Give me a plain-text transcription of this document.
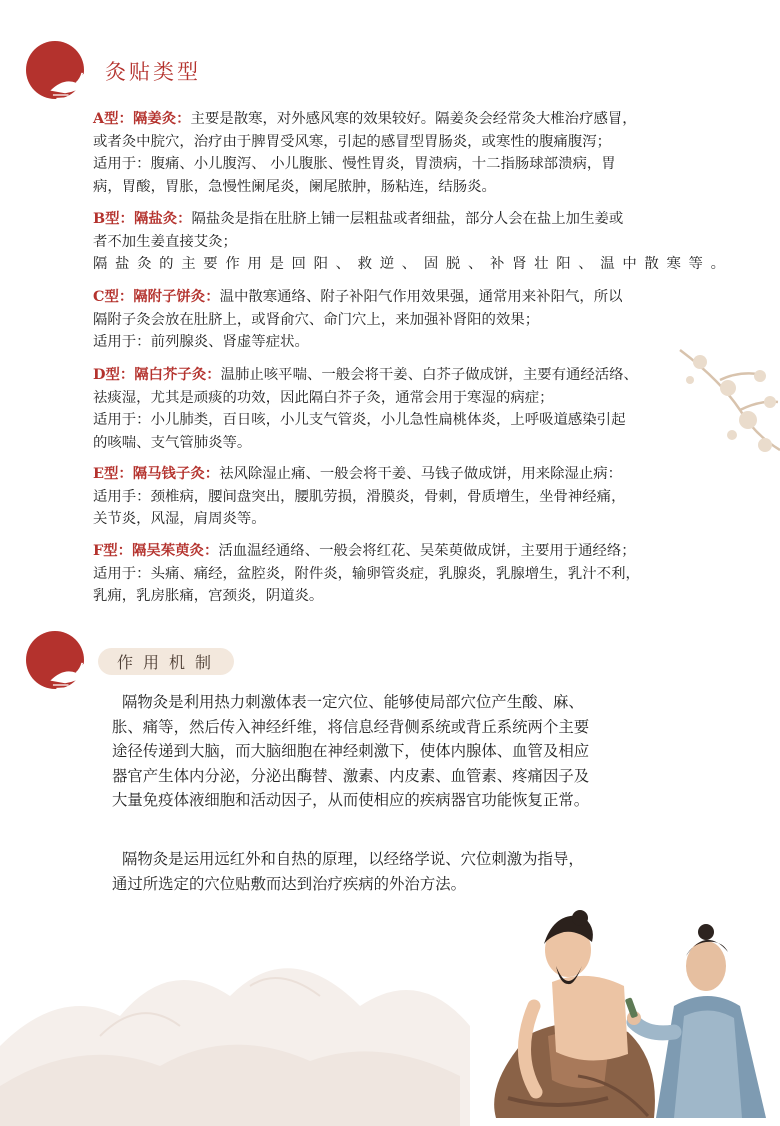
灸贴类型
A型：隔姜灸：主要是散寒，对外感风寒的效果较好。隔姜灸会经常灸大椎治疗感冒，
或者灸中脘穴，治疗由于脾胃受风寒，引起的感冒型胃肠炎，或寒性的腹痛腹泻；
适用于：腹痛、小儿腹泻、 小儿腹胀、慢性胃炎，胃溃病，十二指肠球部溃病，胃
病，胃酸，胃胀，急慢性阑尾炎，阑尾脓肿，肠粘连，结肠炎。
B型：隔盐灸：隔盐灸是指在肚脐上铺一层粗盐或者细盐，部分人会在盐上加生姜或
者不加生姜直接艾灸；
隔盐灸的主要作用是回阳、救逆、固脱、补肾壮阳、温中散寒等。
C型：隔附子饼灸：温中散寒通络、附子补阳气作用效果强，通常用来补阳气，所以
隔附子灸会放在肚脐上，或肾俞穴、命门穴上，来加强补肾阳的效果；
适用于：前列腺炎、肾虚等症状。
D型：隔白芥子灸：温肺止咳平喘、一般会将干姜、白芥子做成饼，主要有通经活络、
祛痰湿，尤其是顽痰的功效，因此隔白芥子灸，通常会用于寒湿的病症；
适用于：小儿肺类，百日咳，小儿支气管炎，小儿急性扁桃体炎，上呼吸道感染引起
的咳喘、支气管肺炎等。
E型：隔马钱子灸：祛风除湿止痛、一般会将干姜、马钱子做成饼，用来除湿止病：
适用手：颈椎病，腰间盘突出，腰肌劳损，滑膜炎，骨刺，骨质增生，坐骨神经痛，
关节炎，风湿，肩周炎等。
F型：隔吴茱萸灸：活血温经通络、一般会将红花、吴茱萸做成饼，主要用于通经络；
适用于：头痛、痛经，盆腔炎，附件炎，输卵管炎症，乳腺炎，乳腺增生，乳汁不利，
乳痈，乳房胀痛，宫颈炎，阴道炎。
作用机制
隔物灸是利用热力刺激体表一定穴位、能够使局部穴位产生酸、麻、
胀、痛等，然后传入神经纤维，将信息经背侧系统或背丘系统两个主要
途径传递到大脑，而大脑细胞在神经刺激下，使体内腺体、血管及相应
器官产生体内分泌，分泌出酶替、激素、内皮素、血管素、疼痛因子及
大量免疫体液细胞和活动因子，从而使相应的疾病器官功能恢复正常。
隔物灸是运用远红外和自热的原理，以经络学说、穴位刺激为指导，
通过所选定的穴位贴敷而达到治疗疾病的外治方法。
